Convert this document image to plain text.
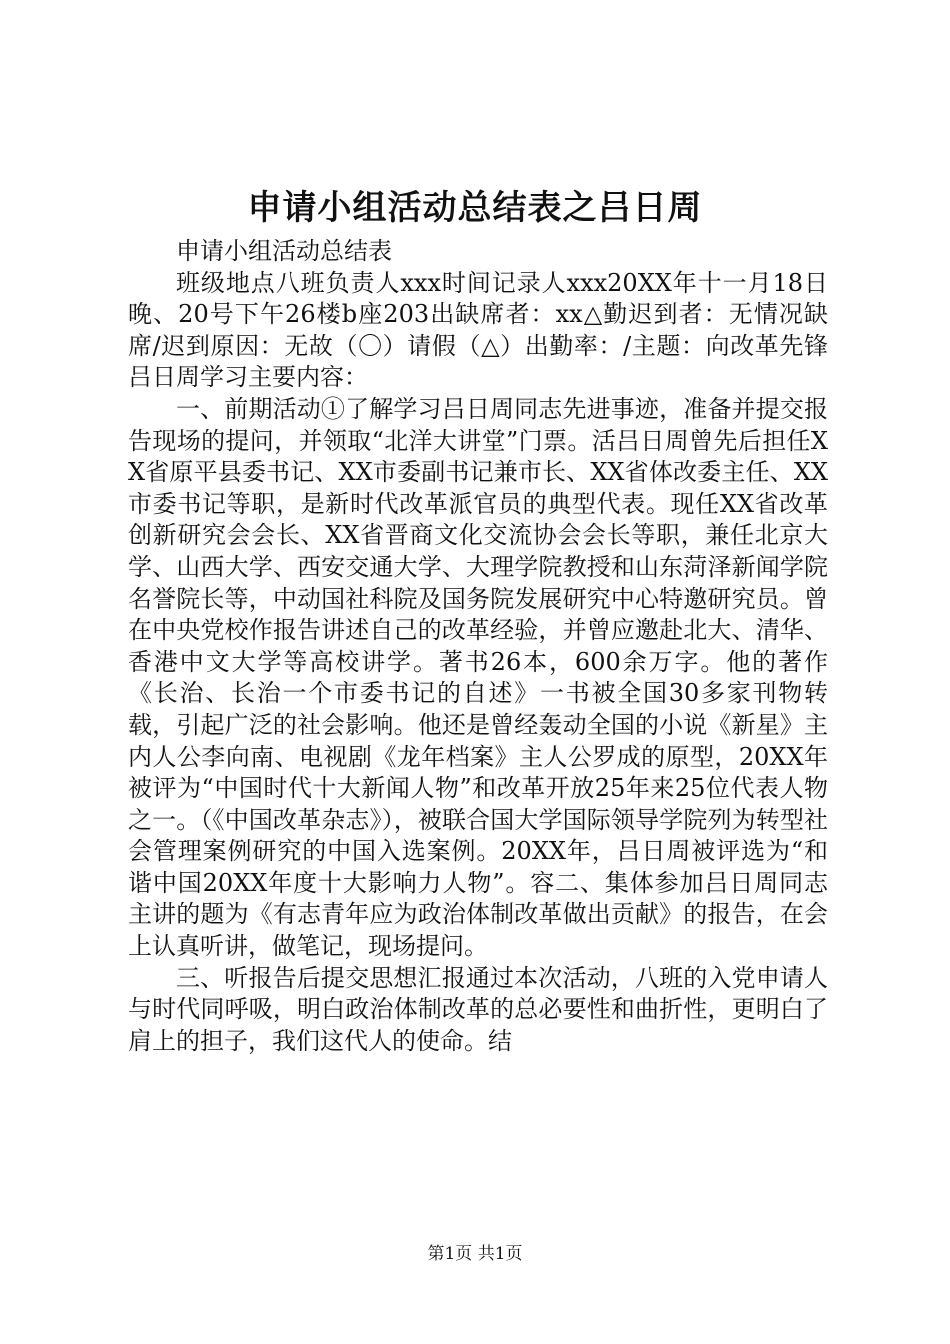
申请小组活动总结表之吕日周

申请小组活动总结表

班级地点八班负责人xxx时间记录人xxx20XX年十一月18日晚、20号下午26楼b座203出缺席者：xx△勤迟到者：无情况缺席/迟到原因：无故（〇）请假（△）出勤率：/主题：向改革先锋吕日周学习主要内容：

一、前期活动①了解学习吕日周同志先进事迹，准备并提交报告现场的提问，并领取“北洋大讲堂”门票。活吕日周曾先后担任XX省原平县委书记、XX市委副书记兼市长、XX省体改委主任、XX市委书记等职，是新时代改革派官员的典型代表。现任XX省改革创新研究会会长、XX省晋商文化交流协会会长等职，兼任北京大学、山西大学、西安交通大学、大理学院教授和山东菏泽新闻学院名誉院长等，中动国社科院及国务院发展研究中心特邀研究员。曾在中央党校作报告讲述自己的改革经验，并曾应邀赴北大、清华、香港中文大学等高校讲学。著书26本，600余万字。他的著作《长治、长治一个市委书记的自述》一书被全国30多家刊物转载，引起广泛的社会影响。他还是曾经轰动全国的小说《新星》主内人公李向南、电视剧《龙年档案》主人公罗成的原型，20XX年被评为“中国时代十大新闻人物”和改革开放25年来25位代表人物之一。（《中国改革杂志》），被联合国大学国际领导学院列为转型社会管理案例研究的中国入选案例。20XX年，吕日周被评选为“和谐中国20XX年度十大影响力人物”。容二、集体参加吕日周同志主讲的题为《有志青年应为政治体制改革做出贡献》的报告，在会上认真听讲，做笔记，现场提问。

三、听报告后提交思想汇报通过本次活动，八班的入党申请人与时代同呼吸，明白政治体制改革的总必要性和曲折性，更明白了肩上的担子，我们这代人的使命。结

第1页 共1页
